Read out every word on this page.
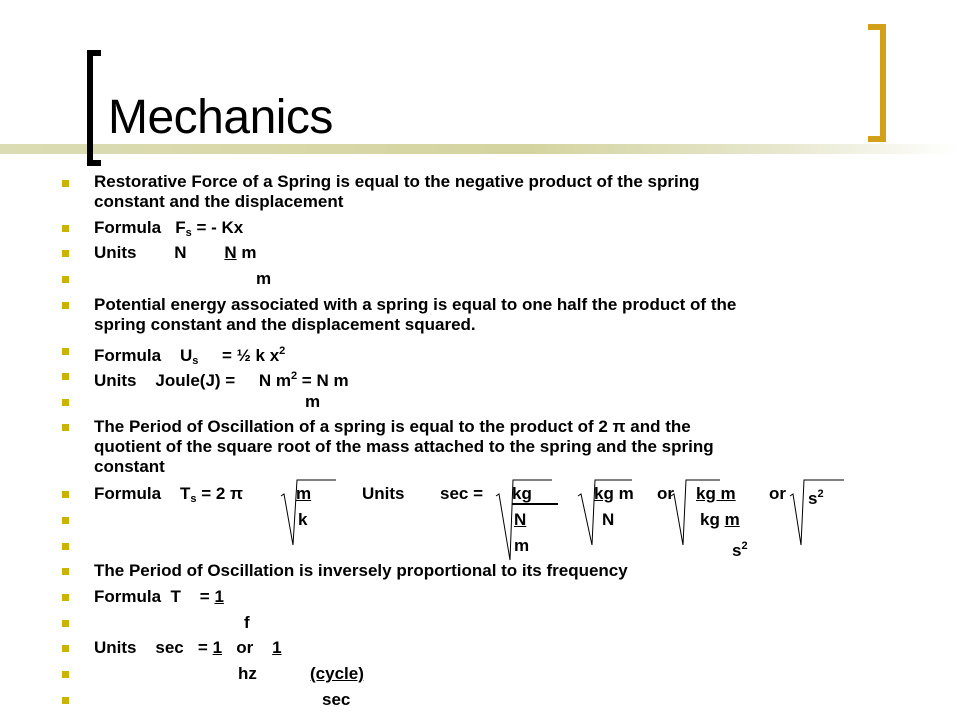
Mechanics
Restorative Force of a Spring is equal to the negative product of the spring
constant and the displacement
Formula   $F_s$ = - Kx
Units        N        N m
m
Potential energy associated with a spring is equal to one half the product of the
spring constant and the displacement squared.
Formula    $U_s$     = ½ k $x^2$
Units    Joule(J) =     N $m^2 = N$ m
m
The Period of Oscillation of a spring is equal to the product of 2 π and the
quotient of the square root of the mass attached to the spring and the spring
constant
Formula    $T_s = 2$ π	m	Units sec = kg	kg m or kg m or $s^2$
k	N	N	kg m
m	$s^2$
The Period of Oscillation is inversely proportional to its frequency
Formula  T    = 1
f
Units    sec   = 1   or    1
hz	(cycle)
sec
